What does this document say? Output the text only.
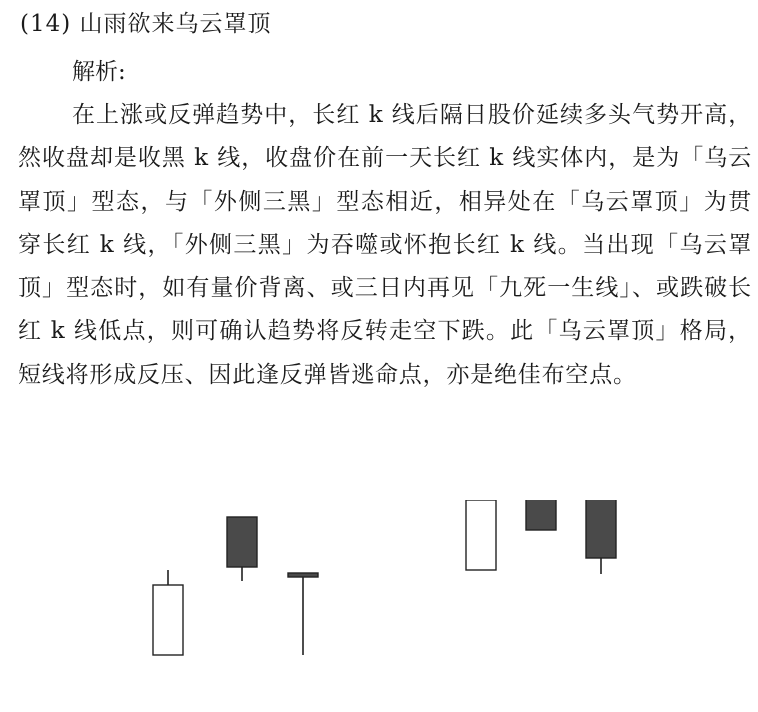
(14) 山雨欲来乌云罩顶
解析:
在上涨或反弹趋势中，长红 k 线后隔日股价延续多头气势开高，然收盘却是收黑 k 线，收盘价在前一天长红 k 线实体内，是为「乌云罩顶」型态，与「外侧三黑」型态相近，相异处在「乌云罩顶」为贯穿长红 k 线，「外侧三黑」为吞噬或怀抱长红 k 线。当出现「乌云罩顶」型态时，如有量价背离、或三日内再见「九死一生线」、或跌破长红 k 线低点，则可确认趋势将反转走空下跌。此「乌云罩顶」格局，短线将形成反压、因此逢反弹皆逃命点，亦是绝佳布空点。
